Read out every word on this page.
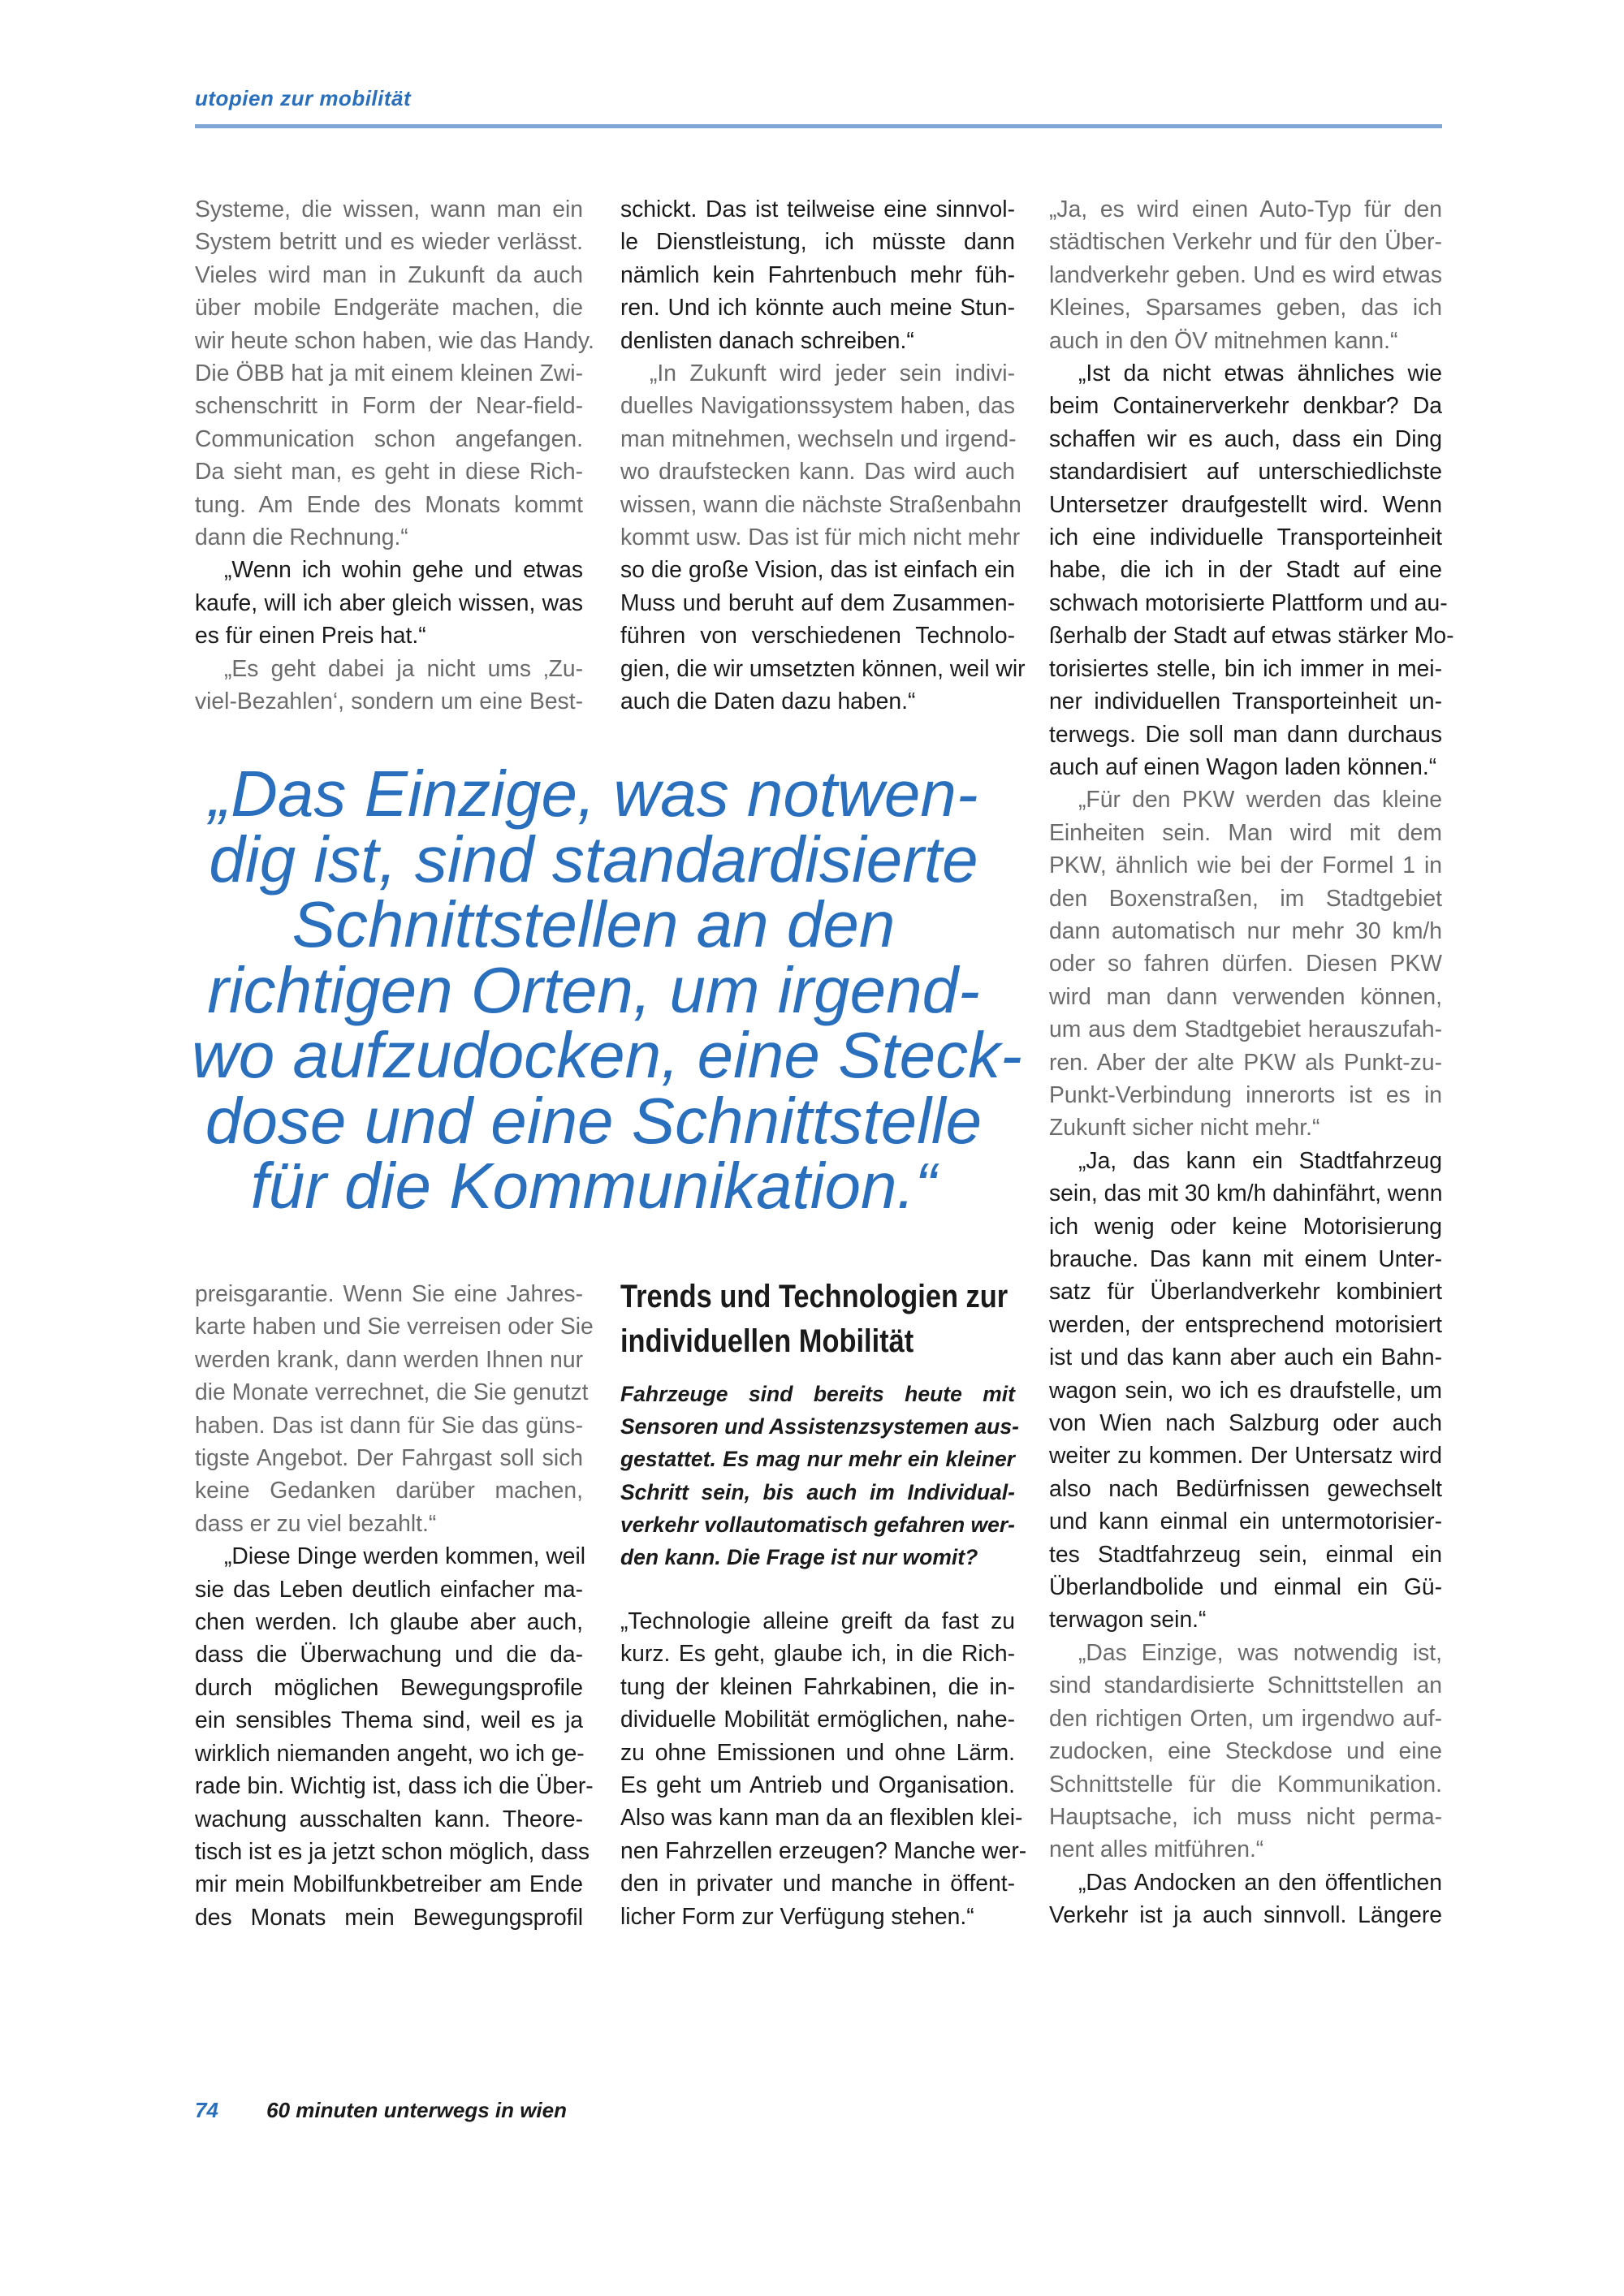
utopien zur mobilität
Systeme, die wissen, wann man ein
System betritt und es wieder verlässt.
Vieles wird man in Zukunft da auch
über mobile Endgeräte machen, die
wir heute schon haben, wie das Handy.
Die ÖBB hat ja mit einem kleinen Zwi-
schenschritt in Form der Near-field-
Communication schon angefangen.
Da sieht man, es geht in diese Rich-
tung. Am Ende des Monats kommt
dann die Rechnung.“
„Wenn ich wohin gehe und etwas
kaufe, will ich aber gleich wissen, was
es für einen Preis hat.“
„Es geht dabei ja nicht ums ‚Zu-
viel-Bezahlen‘, sondern um eine Best-
schickt. Das ist teilweise eine sinnvol-
le Dienstleistung, ich müsste dann
nämlich kein Fahrtenbuch mehr füh-
ren. Und ich könnte auch meine Stun-
denlisten danach schreiben.“
„In Zukunft wird jeder sein indivi-
duelles Navigationssystem haben, das
man mitnehmen, wechseln und irgend-
wo draufstecken kann. Das wird auch
wissen, wann die nächste Straßenbahn
kommt usw. Das ist für mich nicht mehr
so die große Vision, das ist einfach ein
Muss und beruht auf dem Zusammen-
führen von verschiedenen Technolo-
gien, die wir umsetzten können, weil wir
auch die Daten dazu haben.“
„Ja, es wird einen Auto-Typ für den
städtischen Verkehr und für den Über-
landverkehr geben. Und es wird etwas
Kleines, Sparsames geben, das ich
auch in den ÖV mitnehmen kann.“
„Ist da nicht etwas ähnliches wie
beim Containerverkehr denkbar? Da
schaffen wir es auch, dass ein Ding
standardisiert auf unterschiedlichste
Untersetzer draufgestellt wird. Wenn
ich eine individuelle Transporteinheit
habe, die ich in der Stadt auf eine
schwach motorisierte Plattform und au-
ßerhalb der Stadt auf etwas stärker Mo-
torisiertes stelle, bin ich immer in mei-
ner individuellen Transporteinheit un-
terwegs. Die soll man dann durchaus
auch auf einen Wagon laden können.“
„Für den PKW werden das kleine
Einheiten sein. Man wird mit dem
PKW, ähnlich wie bei der Formel 1 in
den Boxenstraßen, im Stadtgebiet
dann automatisch nur mehr 30 km/h
oder so fahren dürfen. Diesen PKW
wird man dann verwenden können,
um aus dem Stadtgebiet herauszufah-
ren. Aber der alte PKW als Punkt-zu-
Punkt-Verbindung innerorts ist es in
Zukunft sicher nicht mehr.“
„Ja, das kann ein Stadtfahrzeug
sein, das mit 30 km/h dahinfährt, wenn
ich wenig oder keine Motorisierung
brauche. Das kann mit einem Unter-
satz für Überlandverkehr kombiniert
werden, der entsprechend motorisiert
ist und das kann aber auch ein Bahn-
wagon sein, wo ich es draufstelle, um
von Wien nach Salzburg oder auch
weiter zu kommen. Der Untersatz wird
also nach Bedürfnissen gewechselt
und kann einmal ein untermotorisier-
tes Stadtfahrzeug sein, einmal ein
Überlandbolide und einmal ein Gü-
terwagon sein.“
„Das Einzige, was notwendig ist,
sind standardisierte Schnittstellen an
den richtigen Orten, um irgendwo auf-
zudocken, eine Steckdose und eine
Schnittstelle für die Kommunikation.
Hauptsache, ich muss nicht perma-
nent alles mitführen.“
„Das Andocken an den öffentlichen
Verkehr ist ja auch sinnvoll. Längere
„Das Einzige, was notwen-
dig ist, sind standardisierte
Schnittstellen an den
richtigen Orten, um irgend-
wo aufzudocken, eine Steck-
dose und eine Schnittstelle
für die Kommunikation.“
preisgarantie. Wenn Sie eine Jahres-
karte haben und Sie verreisen oder Sie
werden krank, dann werden Ihnen nur
die Monate verrechnet, die Sie genutzt
haben. Das ist dann für Sie das güns-
tigste Angebot. Der Fahrgast soll sich
keine Gedanken darüber machen,
dass er zu viel bezahlt.“
„Diese Dinge werden kommen, weil
sie das Leben deutlich einfacher ma-
chen werden. Ich glaube aber auch,
dass die Überwachung und die da-
durch möglichen Bewegungsprofile
ein sensibles Thema sind, weil es ja
wirklich niemanden angeht, wo ich ge-
rade bin. Wichtig ist, dass ich die Über-
wachung ausschalten kann. Theore-
tisch ist es ja jetzt schon möglich, dass
mir mein Mobilfunkbetreiber am Ende
des Monats mein Bewegungsprofil
Trends und Technologien zur
individuellen Mobilität
Fahrzeuge sind bereits heute mit
Sensoren und Assistenzsystemen aus-
gestattet. Es mag nur mehr ein kleiner
Schritt sein, bis auch im Individual-
verkehr vollautomatisch gefahren wer-
den kann. Die Frage ist nur womit?
„Technologie alleine greift da fast zu
kurz. Es geht, glaube ich, in die Rich-
tung der kleinen Fahrkabinen, die in-
dividuelle Mobilität ermöglichen, nahe-
zu ohne Emissionen und ohne Lärm.
Es geht um Antrieb und Organisation.
Also was kann man da an flexiblen klei-
nen Fahrzellen erzeugen? Manche wer-
den in privater und manche in öffent-
licher Form zur Verfügung stehen.“
74 60 minuten unterwegs in wien
